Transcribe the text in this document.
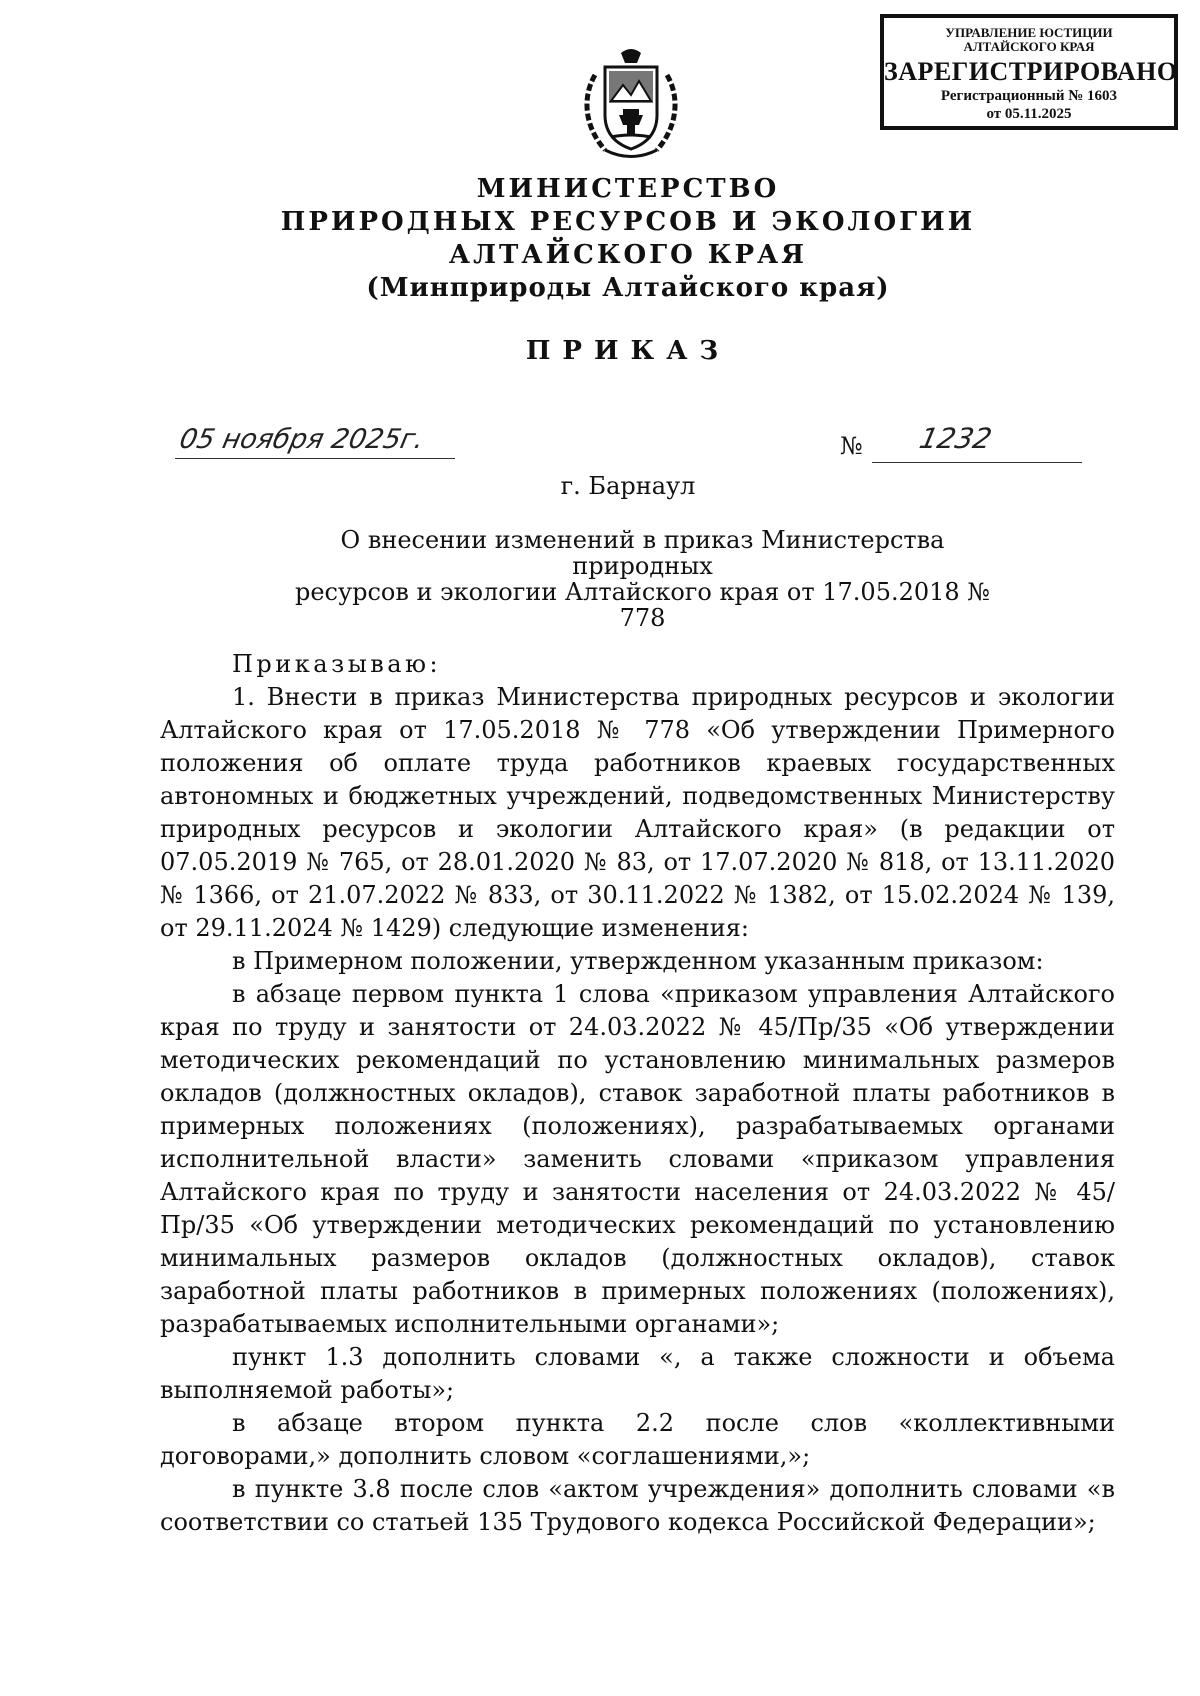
УПРАВЛЕНИЕ ЮСТИЦИИ
АЛТАЙСКОГО КРАЯ
ЗАРЕГИСТРИРОВАНО
Регистрационный № 1603
от 05.11.2025
МИНИСТЕРСТВО
ПРИРОДНЫХ РЕСУРСОВ И ЭКОЛОГИИ
АЛТАЙСКОГО КРАЯ
(Минприроды Алтайского края)
ПРИКАЗ
05 ноября 2025г.	№ 1232
г. Барнаул
О внесении изменений в приказ Министерства природных
ресурсов и экологии Алтайского края от 17.05.2018 № 778

Приказываю:

1. Внести в приказ Министерства природных ресурсов и экологии Алтайского края от 17.05.2018 № 778 «Об утверждении Примерного положения об оплате труда работников краевых государственных автономных и бюджетных учреждений, подведомственных Министерству природных ресурсов и экологии Алтайского края» (в редакции от 07.05.2019 № 765, от 28.01.2020 № 83, от 17.07.2020 № 818, от 13.11.2020 № 1366, от 21.07.2022 № 833, от 30.11.2022 № 1382, от 15.02.2024 № 139, от 29.11.2024 № 1429) следующие изменения:

в Примерном положении, утвержденном указанным приказом:

в абзаце первом пункта 1 слова «приказом управления Алтайского края по труду и занятости от 24.03.2022 № 45/Пр/35 «Об утверждении методических рекомендаций по установлению минимальных размеров окладов (должностных окладов), ставок заработной платы работников в примерных положениях (положениях), разрабатываемых органами исполнительной власти» заменить словами «приказом управления Алтайского края по труду и занятости населения от 24.03.2022 № 45/Пр/35 «Об утверждении методических рекомендаций по установлению минимальных размеров окладов (должностных окладов), ставок заработной платы работников в примерных положениях (положениях), разрабатываемых исполнительными органами»;

пункт 1.3 дополнить словами «, а также сложности и объема выполняемой работы»;

в абзаце втором пункта 2.2 после слов «коллективными договорами,» дополнить словом «соглашениями,»;

в пункте 3.8 после слов «актом учреждения» дополнить словами «в соответствии со статьей 135 Трудового кодекса Российской Федерации»;
